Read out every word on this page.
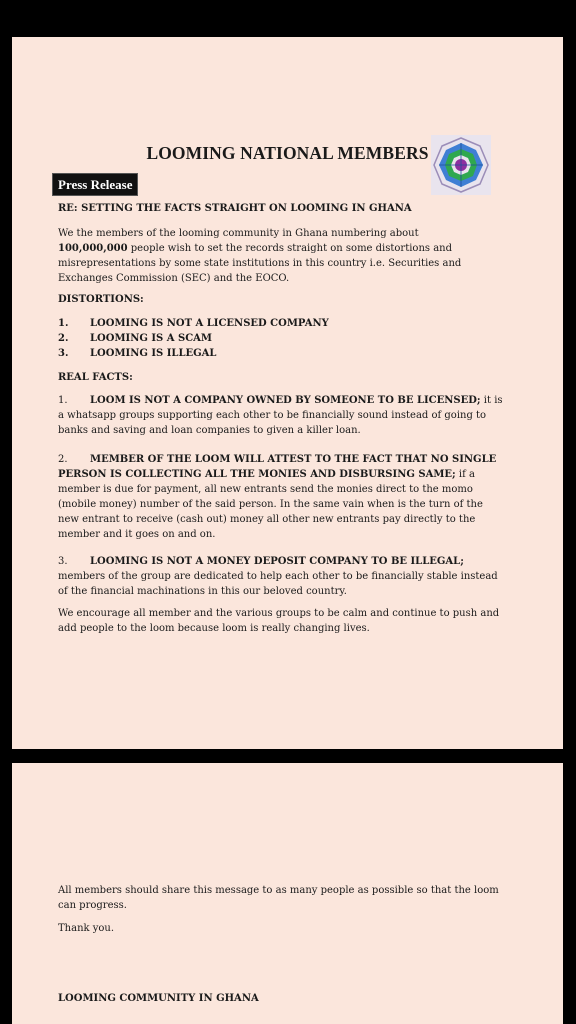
LOOMING NATIONAL MEMBERS
Press Release
RE: SETTING THE FACTS STRAIGHT ON LOOMING IN GHANA
We the members of the looming community in Ghana numbering about
100,000,000 people wish to set the records straight on some distortions and misrepresentations by some state institutions in this country i.e. Securities and Exchanges Commission (SEC) and the EOCO.
DISTORTIONS:
1.	LOOMING IS NOT A LICENSED COMPANY
2.	LOOMING IS A SCAM
3.	LOOMING IS ILLEGAL
REAL FACTS:
1. LOOM IS NOT A COMPANY OWNED BY SOMEONE TO BE LICENSED; it is a whatsapp groups supporting each other to be financially sound instead of going to banks and saving and loan companies to given a killer loan.
2. MEMBER OF THE LOOM WILL ATTEST TO THE FACT THAT NO SINGLE PERSON IS COLLECTING ALL THE MONIES AND DISBURSING SAME; if a member is due for payment, all new entrants send the monies direct to the momo (mobile money) number of the said person. In the same vain when is the turn of the new entrant to receive (cash out) money all other new entrants pay directly to the member and it goes on and on.
3. LOOMING IS NOT A MONEY DEPOSIT COMPANY TO BE ILLEGAL; members of the group are dedicated to help each other to be financially stable instead of the financial machinations in this our beloved country.
We encourage all member and the various groups to be calm and continue to push and add people to the loom because loom is really changing lives.
All members should share this message to as many people as possible so that the loom can progress.
Thank you.
LOOMING COMMUNITY IN GHANA
